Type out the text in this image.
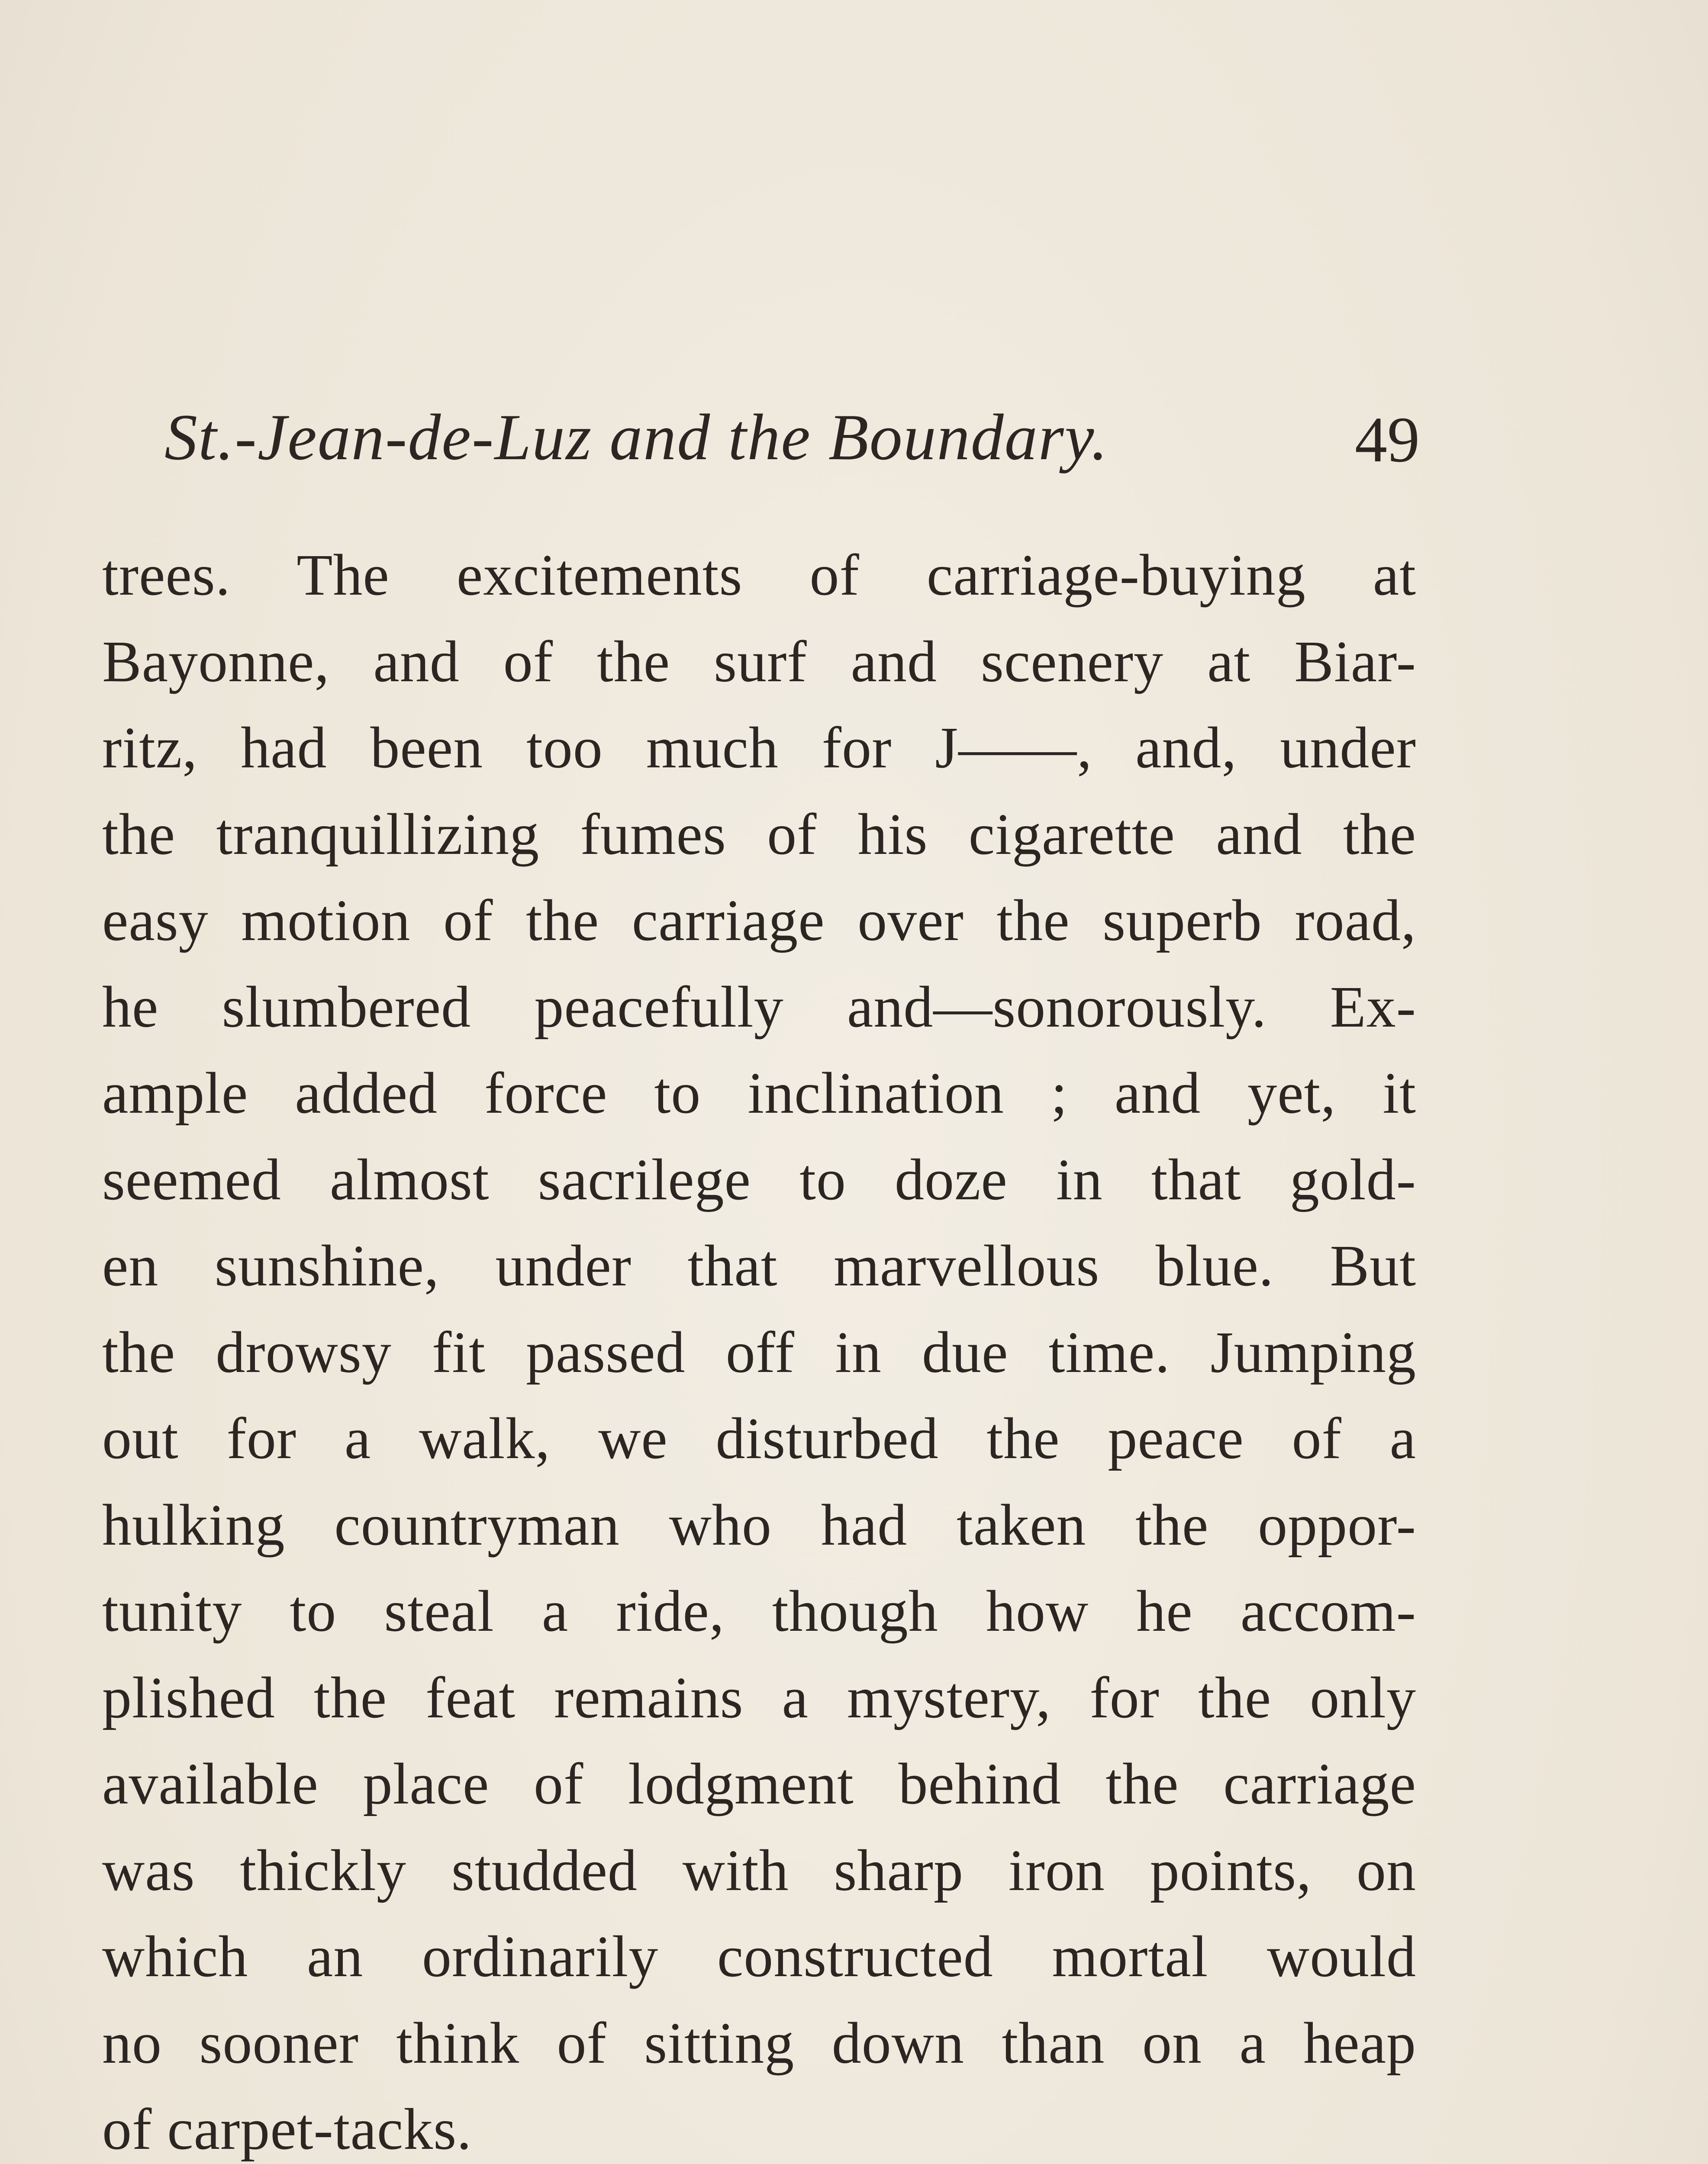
St.-Jean-de-Luz and the Boundary.	49
trees. The excitements of carriage-buying at
Bayonne, and of the surf and scenery at Biar-
ritz, had been too much for J——, and, under
the tranquillizing fumes of his cigarette and the
easy motion of the carriage over the superb road,
he slumbered peacefully and—sonorously. Ex-
ample added force to inclination ; and yet, it
seemed almost sacrilege to doze in that gold-
en sunshine, under that marvellous blue. But
the drowsy fit passed off in due time. Jumping
out for a walk, we disturbed the peace of a
hulking countryman who had taken the oppor-
tunity to steal a ride, though how he accom-
plished the feat remains a mystery, for the only
available place of lodgment behind the carriage
was thickly studded with sharp iron points, on
which an ordinarily constructed mortal would
no sooner think of sitting down than on a heap
of carpet-tacks.
